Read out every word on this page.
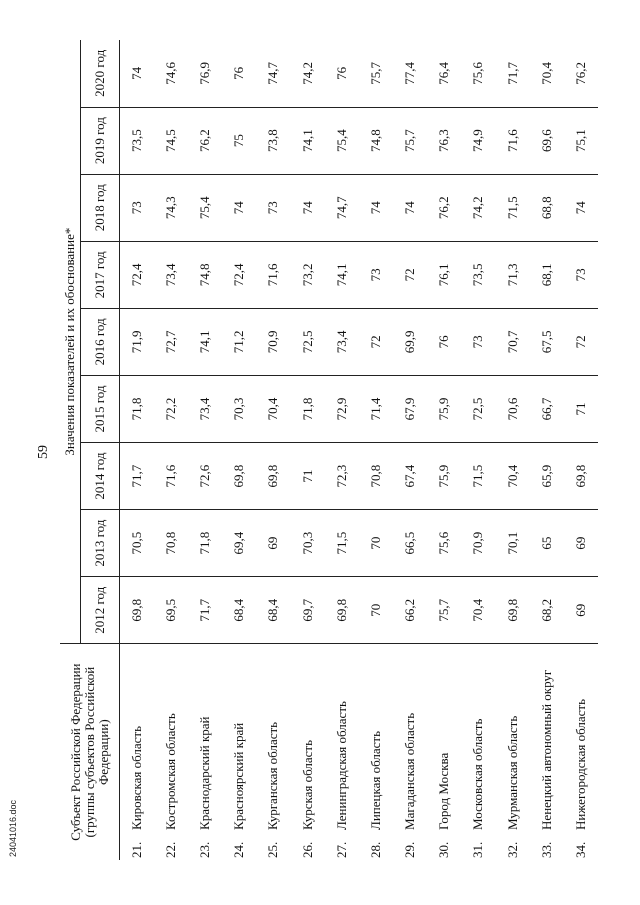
59
24041016.doc	Субъект Российской Федерации (группы субъектов Российской Федерации)		Значения показателей и их обоснование*								
		2012 год	2013 год	2014 год	2015 год	2016 год	2017 год	2018 год	2019 год	2020 год
21.	Кировская область	69,8	70,5	71,7	71,8	71,9	72,4	73	73,5	74
22.	Костромская область	69,5	70,8	71,6	72,2	72,7	73,4	74,3	74,5	74,6
23.	Краснодарский край	71,7	71,8	72,6	73,4	74,1	74,8	75,4	76,2	76,9
24.	Красноярский край	68,4	69,4	69,8	70,3	71,2	72,4	74	75	76
25.	Курганская область	68,4	69	69,8	70,4	70,9	71,6	73	73,8	74,7
26.	Курская область	69,7	70,3	71	71,8	72,5	73,2	74	74,1	74,2
27.	Ленинградская область	69,8	71,5	72,3	72,9	73,4	74,1	74,7	75,4	76
28.	Липецкая область	70	70	70,8	71,4	72	73	74	74,8	75,7
29.	Магаданская область	66,2	66,5	67,4	67,9	69,9	72	74	75,7	77,4
30.	Город Москва	75,7	75,6	75,9	75,9	76	76,1	76,2	76,3	76,4
31.	Московская область	70,4	70,9	71,5	72,5	73	73,5	74,2	74,9	75,6
32.	Мурманская область	69,8	70,1	70,4	70,6	70,7	71,3	71,5	71,6	71,7
33.	Ненецкий автономный округ	68,2	65	65,9	66,7	67,5	68,1	68,8	69,6	70,4
34.	Нижегородская область	69	69	69,8	71	72	73	74	75,1	76,2
